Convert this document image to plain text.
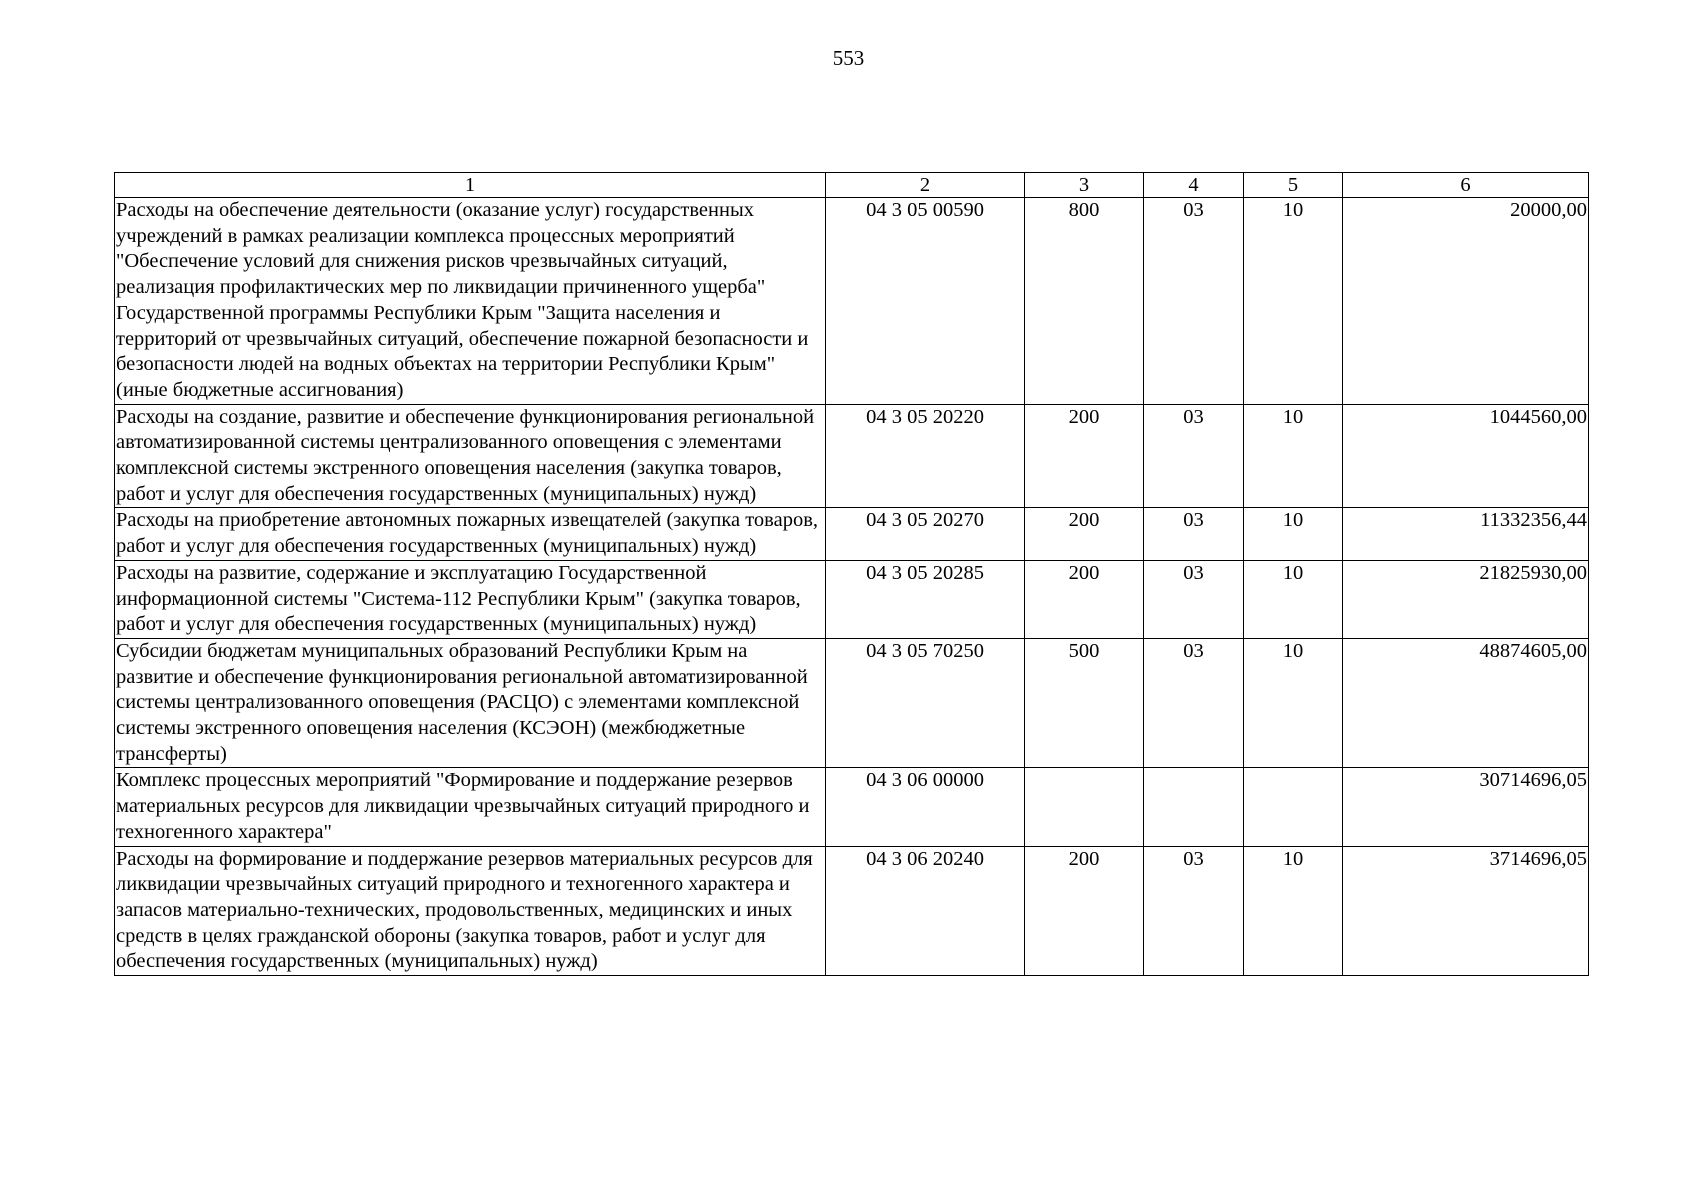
553
1	2	3	4	5	6
Расходы на обеспечение деятельности (оказание услуг) государственных учреждений в рамках реализации комплекса процессных мероприятий "Обеспечение условий для снижения рисков чрезвычайных ситуаций, реализация профилактических мер по ликвидации причиненного ущерба" Государственной программы Республики Крым "Защита населения и территорий от чрезвычайных ситуаций, обеспечение пожарной безопасности и безопасности людей на водных объектах на территории Республики Крым" (иные бюджетные ассигнования)	04 3 05 00590	800	03	10	20000,00
Расходы на создание, развитие и обеспечение функционирования региональной автоматизированной системы централизованного оповещения с элементами комплексной системы экстренного оповещения населения (закупка товаров, работ и услуг для обеспечения государственных (муниципальных) нужд)	04 3 05 20220	200	03	10	1044560,00
Расходы на приобретение автономных пожарных извещателей (закупка товаров, работ и услуг для обеспечения государственных (муниципальных) нужд)	04 3 05 20270	200	03	10	11332356,44
Расходы на развитие, содержание и эксплуатацию Государственной информационной системы "Система-112 Республики Крым" (закупка товаров, работ и услуг для обеспечения государственных (муниципальных) нужд)	04 3 05 20285	200	03	10	21825930,00
Субсидии бюджетам муниципальных образований Республики Крым на развитие и обеспечение функционирования региональной автоматизированной системы централизованного оповещения (РАСЦО) с элементами комплексной системы экстренного оповещения населения (КСЭОН) (межбюджетные трансферты)	04 3 05 70250	500	03	10	48874605,00
Комплекс процессных мероприятий "Формирование и поддержание резервов материальных ресурсов для ликвидации чрезвычайных ситуаций природного и техногенного характера"	04 3 06 00000				30714696,05
Расходы на формирование и поддержание резервов материальных ресурсов для ликвидации чрезвычайных ситуаций природного и техногенного характера и запасов материально-технических, продовольственных, медицинских и иных средств в целях гражданской обороны (закупка товаров, работ и услуг для обеспечения государственных (муниципальных) нужд)	04 3 06 20240	200	03	10	3714696,05
